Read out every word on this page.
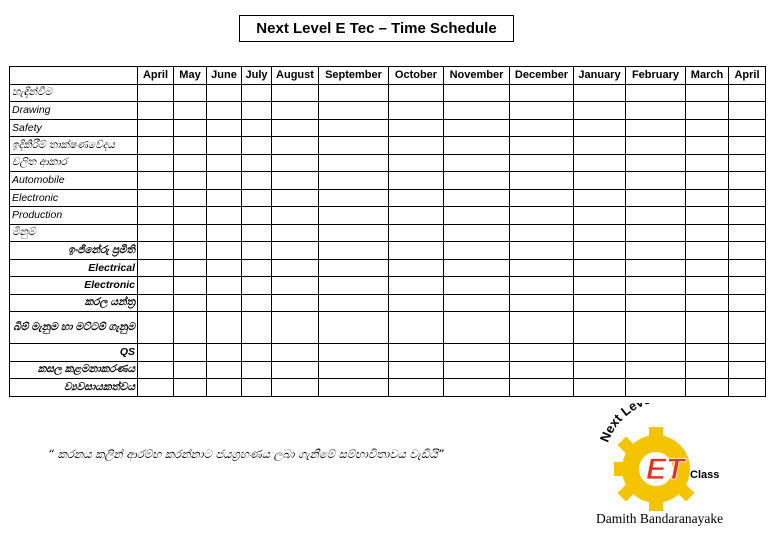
Next Level E Tec – Time Schedule
	April	May	June	July	August	September	October	November	December	January	February	March	April
හැඳින්වීම													
Drawing													
Safety													
ඉදිකිරීම් තාක්ෂණවේදය													
චලිත ආකාර													
Automobile													
Electronic													
Production													
මිනුම්													
ඉංජිනේරු ප්‍රමිති													
Electrical													
Electronic													
කරල යන්ත්‍ර													
බිම් මැනුම හා මට්ටම් ගැනුම													
QS													
කසල කළමනාකරණය													
ව්‍යවසායකත්වය													
“ කරනය කලින් ආරම්භ කරන්නාට ජයග්‍රහණය ලබා ගැනීමේ සම්භාවිතාවය වැඩියි”
Next Le
ET Class
Damith Bandaranayake
